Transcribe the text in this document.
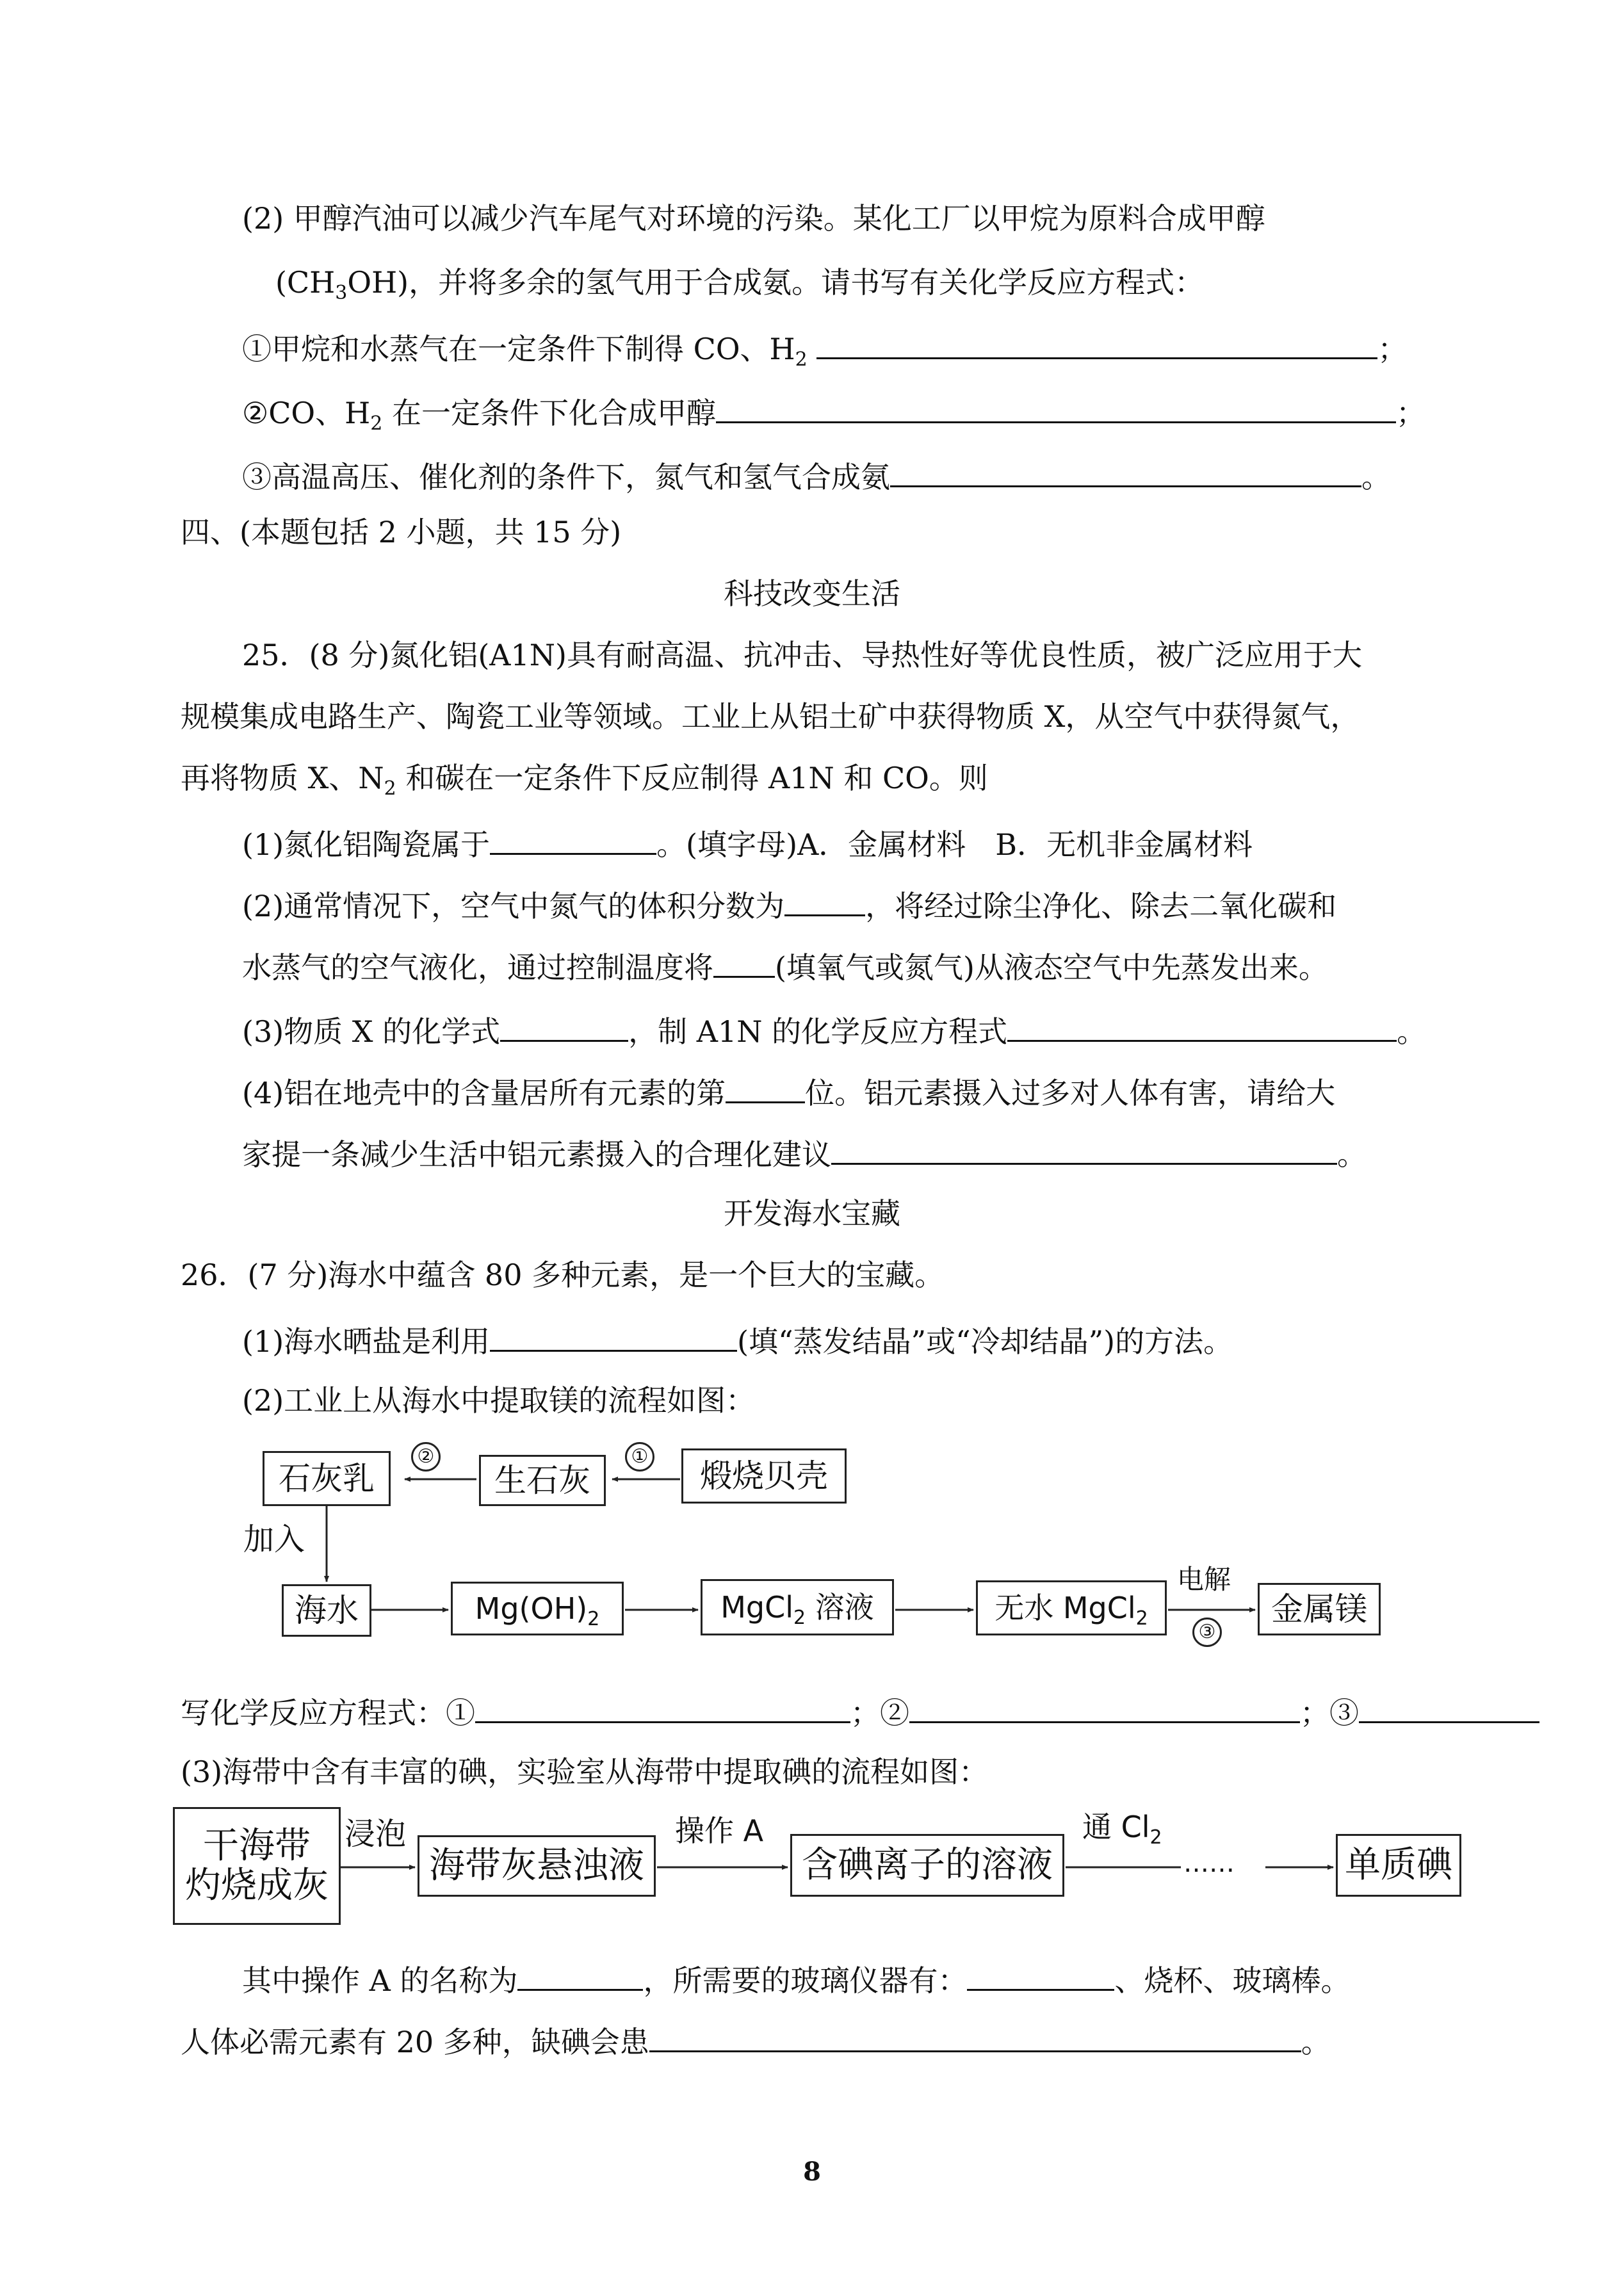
(2) 甲醇汽油可以减少汽车尾气对环境的污染。某化工厂以甲烷为原料合成甲醇
$(CH_3OH)$，并将多余的氢气用于合成氨。请书写有关化学反应方程式：
①甲烷和水蒸气在一定条件下制得 CO、$H_2$	；
②CO、$H_2$ 在一定条件下化合成甲醇	；
③高温高压、催化剂的条件下，氮气和氢气合成氨	。
四、(本题包括 2 小题，共 15 分)
科技改变生活
25．(8 分)氮化铝(A1N)具有耐高温、抗冲击、导热性好等优良性质，被广泛应用于大
规模集成电路生产、陶瓷工业等领域。工业上从铝土矿中获得物质 X，从空气中获得氮气，
再将物质 X、$N_2$ 和碳在一定条件下反应制得 A1N 和 CO。则
(1)氮化铝陶瓷属于	。(填字母)A．金属材料　B．无机非金属材料
(2)通常情况下，空气中氮气的体积分数为	，将经过除尘净化、除去二氧化碳和
水蒸气的空气液化，通过控制温度将 (填氧气或氮气)从液态空气中先蒸发出来。
(3)物质 X 的化学式	，制 A1N 的化学反应方程式	。
(4)铝在地壳中的含量居所有元素的第	位。铝元素摄入过多对人体有害，请给大
家提一条减少生活中铝元素摄入的合理化建议	。
开发海水宝藏
26．(7 分)海水中蕴含 80 多种元素，是一个巨大的宝藏。
(1)海水晒盐是利用	(填“蒸发结晶”或“冷却结晶”)的方法。
(2)工业上从海水中提取镁的流程如图：
石灰乳
②
生石灰
①
煅烧贝壳
加入
海水	$Mg(OH)_2$	MgCl$_2$ 溶液	无水 MgCl$_2$
电解
③
金属镁
写化学反应方程式：①	；②	；③
(3)海带中含有丰富的碘，实验室从海带中提取碘的流程如图：
干海带
灼烧成灰
浸泡
海带灰悬浊液
操作 A
含碘离子的溶液
通 $Cl_2$
……	单质碘
其中操作 A 的名称为	，所需要的玻璃仪器有：	、烧杯、玻璃棒。
人体必需元素有 20 多种，缺碘会患	。
8
